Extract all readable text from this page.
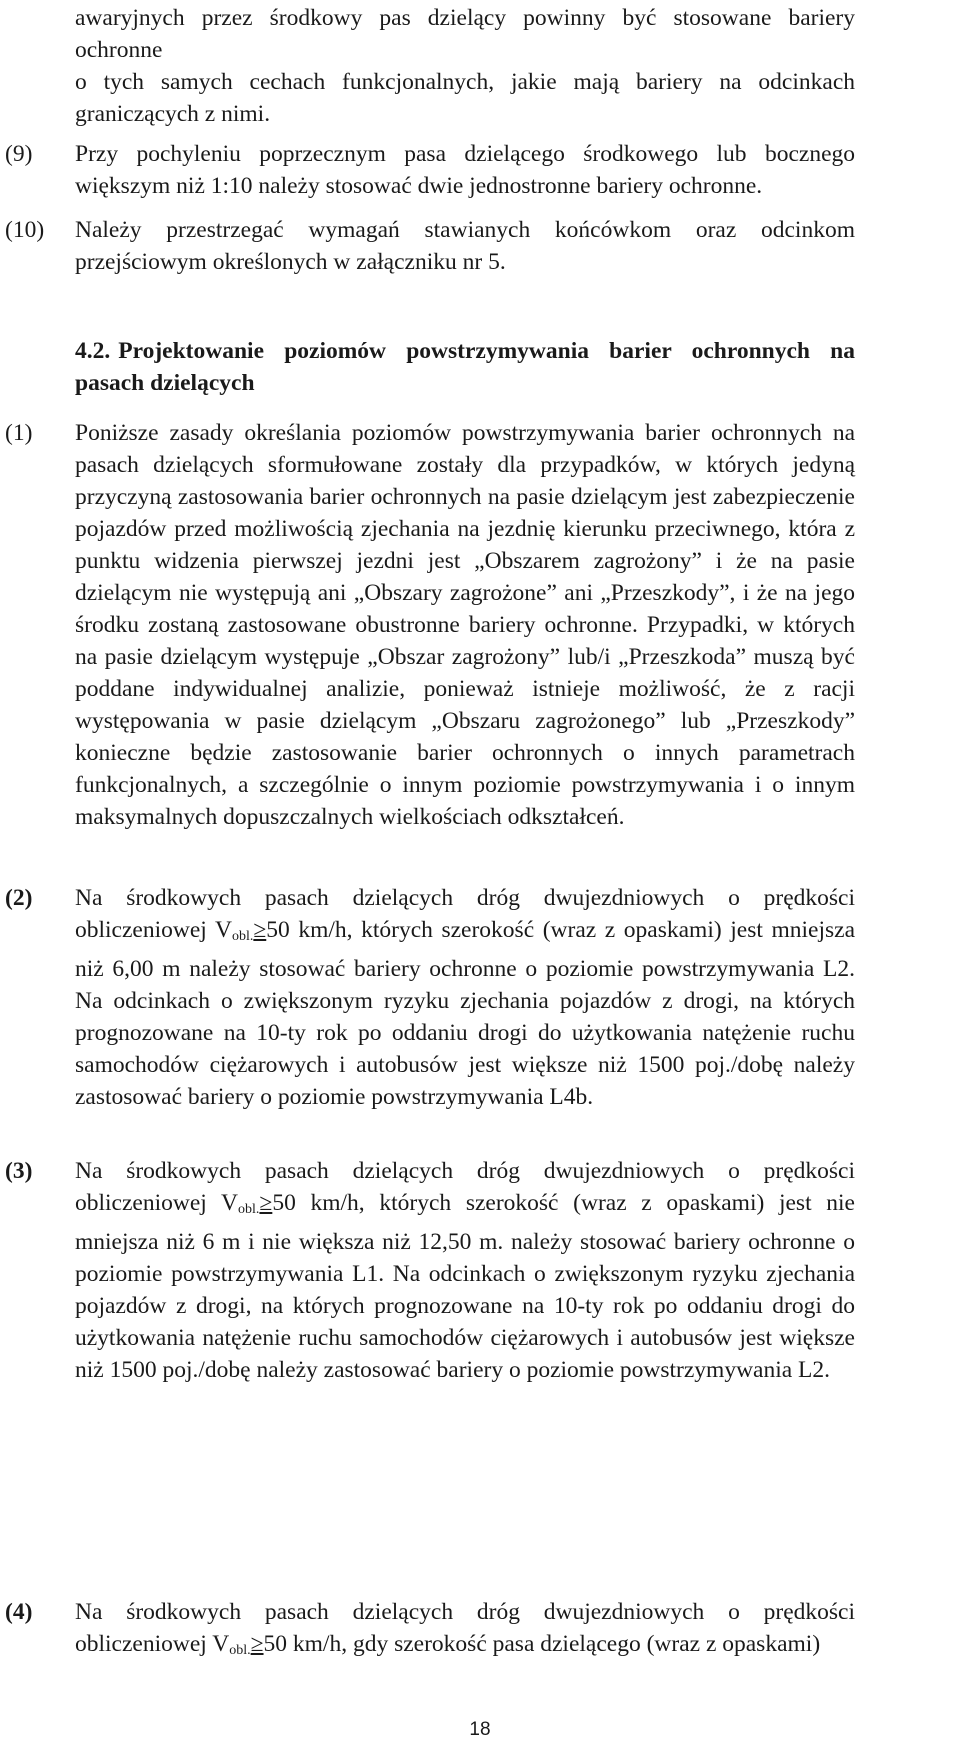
awaryjnych przez środkowy pas dzielący powinny być stosowane bariery ochronne
o tych samych cechach funkcjonalnych, jakie mają bariery na odcinkach graniczących z nimi.
(9)	Przy pochyleniu poprzecznym pasa dzielącego środkowego lub bocznego większym niż 1:10 należy stosować dwie jednostronne bariery ochronne.
(10)	Należy przestrzegać wymagań stawianych końcówkom oraz odcinkom przejściowym określonych w załączniku nr 5.
4.2. Projektowanie poziomów powstrzymywania barier ochronnych na pasach dzielących
(1)	Poniższe zasady określania poziomów powstrzymywania barier ochronnych na pasach dzielących sformułowane zostały dla przypadków, w których jedyną przyczyną zastosowania barier ochronnych na pasie dzielącym jest zabezpieczenie pojazdów przed możliwością zjechania na jezdnię kierunku przeciwnego, która z punktu widzenia pierwszej jezdni jest „Obszarem zagrożony” i że na pasie dzielącym nie występują ani „Obszary zagrożone” ani „Przeszkody”, i że na jego środku zostaną zastosowane obustronne bariery ochronne. Przypadki, w których na pasie dzielącym występuje „Obszar zagrożony” lub/i „Przeszkoda” muszą być poddane indywidualnej analizie, ponieważ istnieje możliwość, że z racji występowania w pasie dzielącym „Obszaru zagrożonego” lub „Przeszkody” konieczne będzie zastosowanie barier ochronnych o innych parametrach funkcjonalnych, a szczególnie o innym poziomie powstrzymywania i o innym maksymalnych dopuszczalnych wielkościach odkształceń.
(2)	Na środkowych pasach dzielących dróg dwujezdniowych o prędkości obliczeniowej $V_{obl.}\ge 50$ km/h, których szerokość (wraz z opaskami) jest mniejsza niż 6,00 m należy stosować bariery ochronne o poziomie powstrzymywania L2. Na odcinkach o zwiększonym ryzyku zjechania pojazdów z drogi, na których prognozowane na 10-ty rok po oddaniu drogi do użytkowania natężenie ruchu samochodów ciężarowych i autobusów jest większe niż 1500 poj./dobę należy zastosować bariery o poziomie powstrzymywania L4b.
(3)	Na środkowych pasach dzielących dróg dwujezdniowych o prędkości obliczeniowej $V_{obl.}\ge 50$ km/h, których szerokość (wraz z opaskami) jest nie mniejsza niż 6 m i nie większa niż 12,50 m. należy stosować bariery ochronne o poziomie powstrzymywania L1. Na odcinkach o zwiększonym ryzyku zjechania pojazdów z drogi, na których prognozowane na 10-ty rok po oddaniu drogi do użytkowania natężenie ruchu samochodów ciężarowych i autobusów jest większe niż 1500 poj./dobę należy zastosować bariery o poziomie powstrzymywania L2.
(4)	Na środkowych pasach dzielących dróg dwujezdniowych o prędkości obliczeniowej $V_{obl.}\ge 50$ km/h, gdy szerokość pasa dzielącego (wraz z opaskami)
18
